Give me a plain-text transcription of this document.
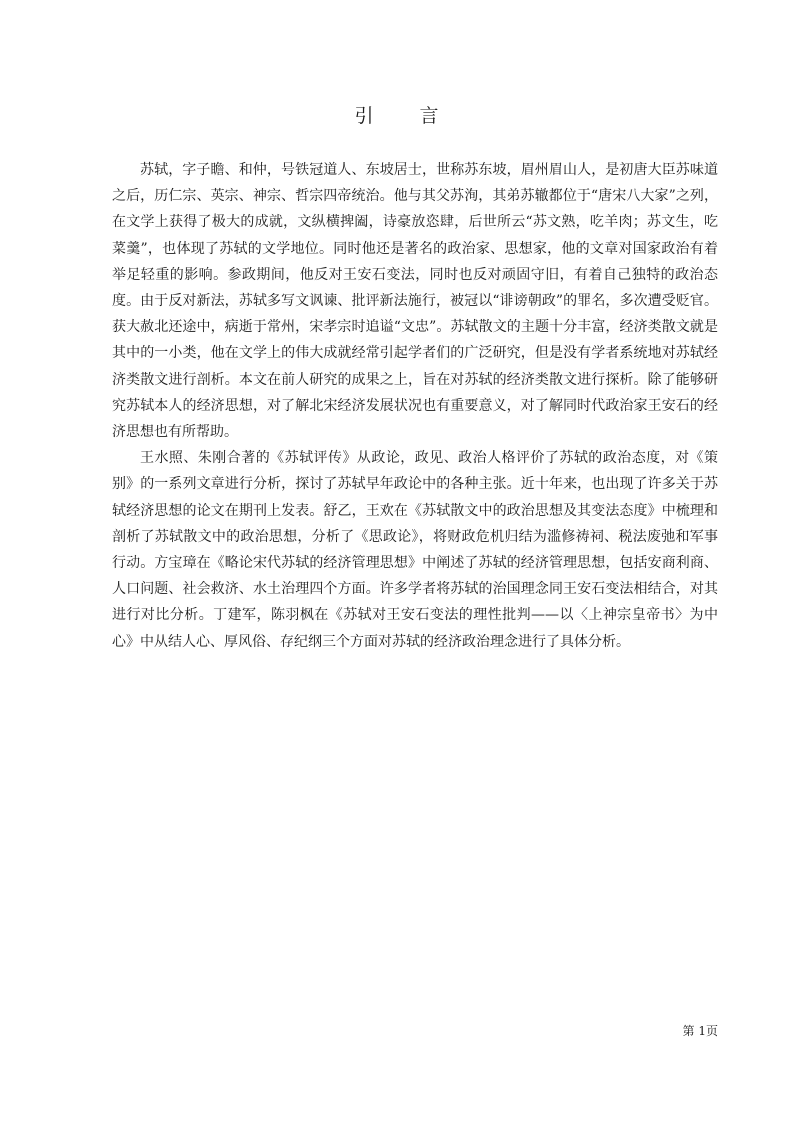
引 言

苏轼，字子瞻、和仲，号铁冠道人、东坡居士，世称苏东坡，眉州眉山人，是初唐大臣苏味道之后，历仁宗、英宗、神宗、哲宗四帝统治。他与其父苏洵，其弟苏辙都位于“唐宋八大家”之列，在文学上获得了极大的成就，文纵横捭阖，诗豪放恣肆，后世所云“苏文熟，吃羊肉；苏文生，吃菜羹”，也体现了苏轼的文学地位。同时他还是著名的政治家、思想家，他的文章对国家政治有着举足轻重的影响。参政期间，他反对王安石变法，同时也反对顽固守旧，有着自己独特的政治态度。由于反对新法，苏轼多写文讽谏、批评新法施行，被冠以“诽谤朝政”的罪名，多次遭受贬官。获大赦北还途中，病逝于常州，宋孝宗时追谥“文忠”。苏轼散文的主题十分丰富，经济类散文就是其中的一小类，他在文学上的伟大成就经常引起学者们的广泛研究，但是没有学者系统地对苏轼经济类散文进行剖析。本文在前人研究的成果之上，旨在对苏轼的经济类散文进行探析。除了能够研究苏轼本人的经济思想，对了解北宋经济发展状况也有重要意义，对了解同时代政治家王安石的经济思想也有所帮助。

王水照、朱刚合著的《苏轼评传》从政论，政见、政治人格评价了苏轼的政治态度，对《策别》的一系列文章进行分析，探讨了苏轼早年政论中的各种主张。近十年来，也出现了许多关于苏轼经济思想的论文在期刊上发表。舒乙，王欢在《苏轼散文中的政治思想及其变法态度》中梳理和剖析了苏轼散文中的政治思想，分析了《思政论》，将财政危机归结为滥修祷祠、税法废弛和军事行动。方宝璋在《略论宋代苏轼的经济管理思想》中阐述了苏轼的经济管理思想，包括安商利商、人口问题、社会救济、水土治理四个方面。许多学者将苏轼的治国理念同王安石变法相结合，对其进行对比分析。丁建军，陈羽枫在《苏轼对王安石变法的理性批判——以〈上神宗皇帝书〉为中心》中从结人心、厚风俗、存纪纲三个方面对苏轼的经济政治理念进行了具体分析。

第 1页
